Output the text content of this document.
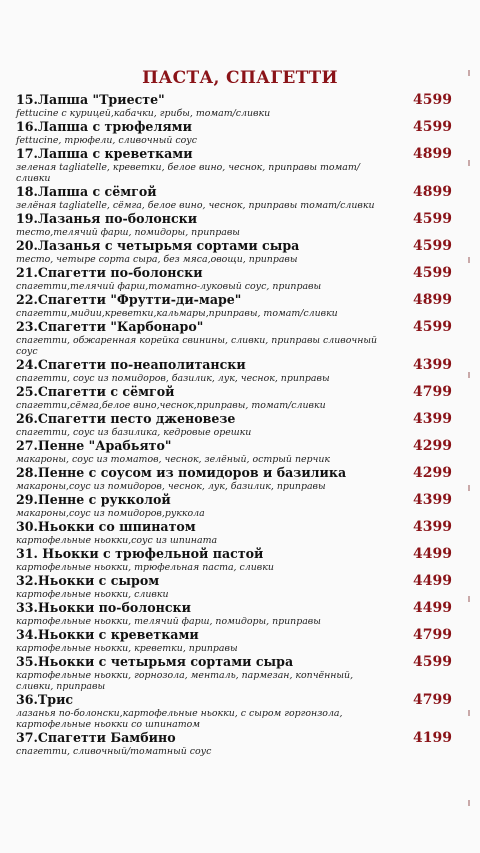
ПАСТА, СПАГЕТТИ
15.Лапша "Триесте"
fettucine с курицей,кабачки, грибы, томат/сливки
4599
16.Лапша с трюфелями
fettucine, трюфели, сливочный соус
4599
17.Лапша с креветками
зеленая tagliatelle, креветки, белое вино, чеснок, приправы томат/сливки
4899
18.Лапша с сёмгой
зелёная tagliatelle, сёмга, белое вино, чеснок, приправы томат/сливки
4899
19.Лазанья по-болонски
тесто,телячий фарш, помидоры, приправы
4599
20.Лазанья с четырьмя сортами сыра
тесто, четыре сорта сыра, без мяса,овощи, приправы
4599
21.Спагетти по-болонски
спагетти,телячий фарш,томатно-луковый соус, приправы
4599
22.Спагетти "Фрутти-ди-маре"
спагетти,мидии,креветки,кальмары,приправы, томат/сливки
4899
23.Спагетти "Карбонаро"
спагетти, обжаренная корейка свинины, сливки, приправы сливочный соус
4599
24.Спагетти по-неаполитански
спагетти, соус из помидоров, базилик, лук, чеснок, приправы
4399
25.Спагетти с сёмгой
спагетти,сёмга,белое вино,чеснок,приправы, томат/сливки
4799
26.Спагетти песто дженовезе
спагетти, соус из базилика, кедровые орешки
4399
27.Пенне "Арабьято"
макароны, соус из томатов, чеснок, зелёный, острый перчик
4299
28.Пенне с соусом из помидоров и базилика
макароны,соус из помидоров, чеснок, лук, базилик, приправы
4299
29.Пенне с рукколой
макароны,соус из помидоров,руккола
4399
30.Ньокки со шпинатом
картофельные ньокки,соус из шпината
4399
31. Ньокки с трюфельной пастой
картофельные ньокки, трюфельная паста, сливки
4499
32.Ньокки с сыром
картофельные ньокки, сливки
4499
33.Ньокки по-болонски
картофельные ньокки, телячий фарш, помидоры, приправы
4499
34.Ньокки с креветками
картофельные ньокки, креветки, приправы
4799
35.Ньокки с четырьмя сортами сыра
картофельные ньокки, горнозола, менталь, пармезан, копчённый, сливки, приправы
4599
36.Трис
лазанья по-болонски,картофельные ньокки, с сыром горгонзола, картофельные ньокки со шпинатом
4799
37.Спагетти Бамбино
спагетти, сливочный/томатный соус
4199
